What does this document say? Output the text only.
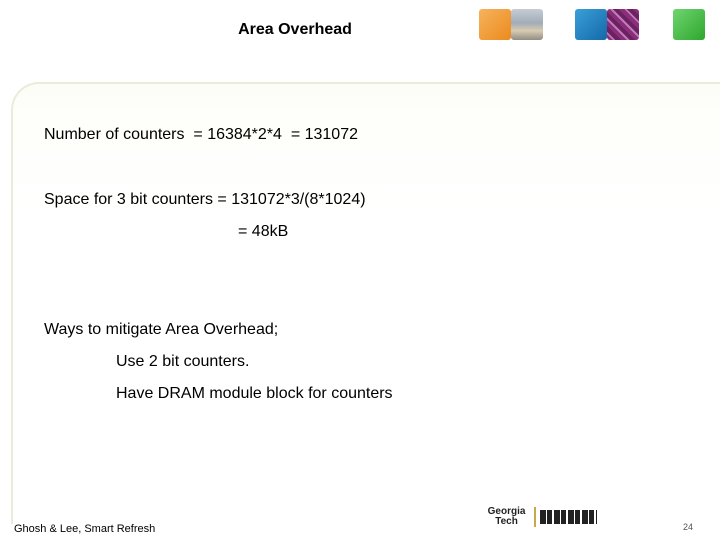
Area Overhead
Number of counters  = 16384*2*4  = 131072
Space for 3 bit counters = 131072*3/(8*1024)
= 48kB
Ways to mitigate Area Overhead;
Use 2 bit counters.
Have DRAM module block for counters
Georgia
Tech
Ghosh & Lee, Smart Refresh	24
